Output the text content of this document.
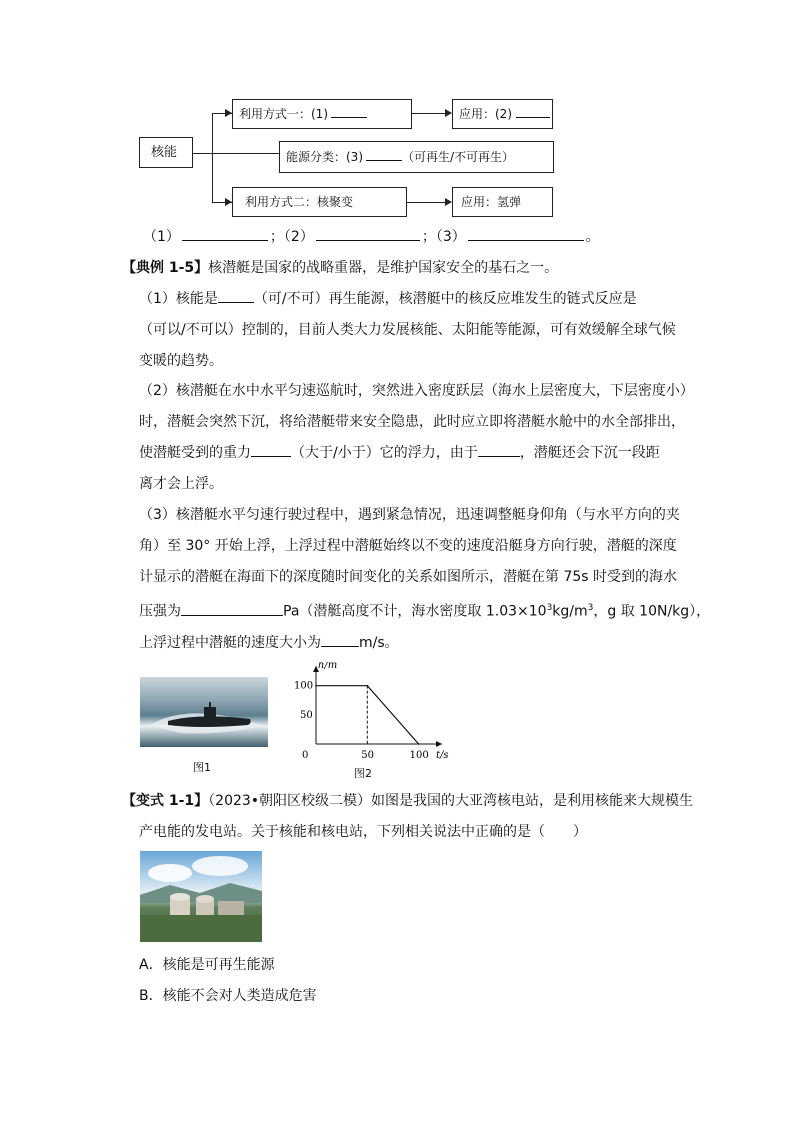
核能
利用方式一：(1)	应用：(2)
能源分类：(3)	（可再生/不可再生）
利用方式二：核聚变	应用：氢弹
（1）	；（2）	；（3）	。
【典例 1-5】核潜艇是国家的战略重器，是维护国家安全的基石之一。
（1）核能是	（可/不可）再生能源，核潜艇中的核反应堆发生的链式反应是
（可以/不可以）控制的，目前人类大力发展核能、太阳能等能源，可有效缓解全球气候
变暖的趋势。
（2）核潜艇在水中水平匀速巡航时，突然进入密度跃层（海水上层密度大，下层密度小）
时，潜艇会突然下沉，将给潜艇带来安全隐患，此时应立即将潜艇水舱中的水全部排出，
使潜艇受到的重力	（大于/小于）它的浮力，由于	，潜艇还会下沉一段距
离才会上浮。
（3）核潜艇水平匀速行驶过程中，遇到紧急情况，迅速调整艇身仰角（与水平方向的夹
角）至 30° 开始上浮，上浮过程中潜艇始终以不变的速度沿艇身方向行驶，潜艇的深度
计显示的潜艇在海面下的深度随时间变化的关系如图所示，潜艇在第 75s 时受到的海水
压强为	Pa（潜艇高度不计，海水密度取 $1.03\times 10^3kg/m^3$，g 取 10N/kg），
上浮过程中潜艇的速度大小为	m/s。
图1
t/s
h/m
0	50	100
50
100
图2
【变式 1-1】（2023•朝阳区校级二模）如图是我国的大亚湾核电站，是利用核能来大规模生
产电能的发电站。关于核能和核电站，下列相关说法中正确的是（　　）
A．核能是可再生能源
B．核能不会对人类造成危害
